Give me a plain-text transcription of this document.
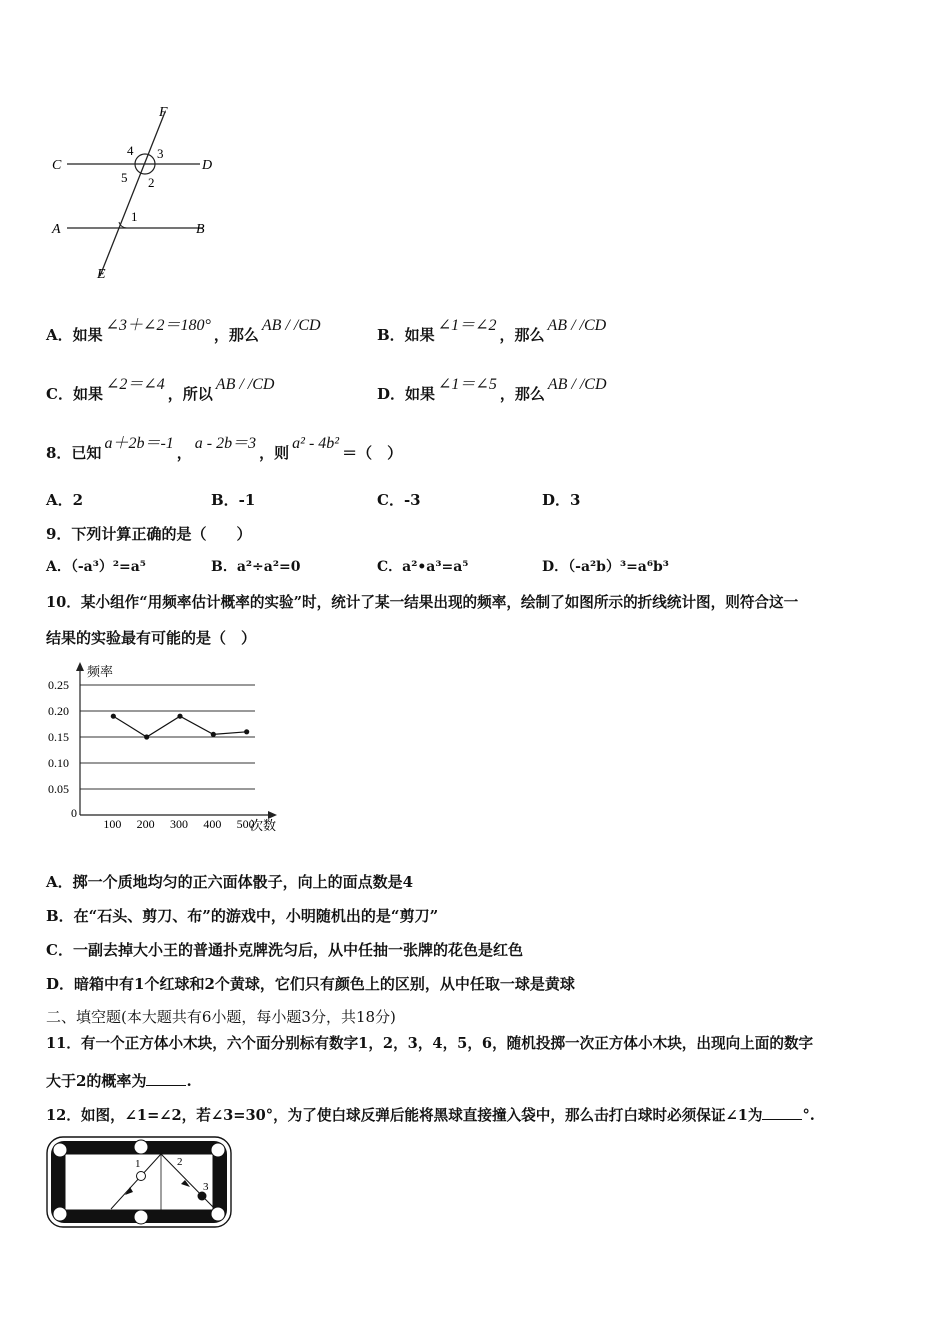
F
C	D
A	B
E
4 3
5 2
1
A．如果∠3＋∠2＝180°，那么AB / /CD
B．如果∠1＝∠2，那么AB / /CD
C．如果∠2＝∠4，所以AB / /CD
D．如果∠1＝∠5，那么AB / /CD
8．已知a＋2b＝-1，a - 2b＝3，则a² - 4b²＝（　）
A．2	B．-1	C．-3	D．3
9．下列计算正确的是（　　）
A．（-a³）²=a⁵	B．a²÷a²=0	C．a²•a³=a⁵	D．（-a²b）³=a⁶b³
10．某小组作“用频率估计概率的实验”时，统计了某一结果出现的频率，绘制了如图所示的折线统计图，则符合这一
结果的实验最有可能的是（　）
频率
次数
0
0.25
0.20
0.15
0.10
0.05
100 200 300 400 500
A．掷一个质地均匀的正六面体骰子，向上的面点数是4
B．在“石头、剪刀、布”的游戏中，小明随机出的是“剪刀”
C．一副去掉大小王的普通扑克牌洗匀后，从中任抽一张牌的花色是红色
D．暗箱中有1个红球和2个黄球，它们只有颜色上的区别，从中任取一球是黄球
二、填空题(本大题共有6小题，每小题3分，共18分)
11．有一个正方体小木块，六个面分别标有数字1，2，3，4，5，6，随机投掷一次正方体小木块，出现向上面的数字
大于2的概率为	.
12．如图，∠1=∠2，若∠3=30°，为了使白球反弹后能将黑球直接撞入袋中，那么击打白球时必须保证∠1为	°.
1	2
3
